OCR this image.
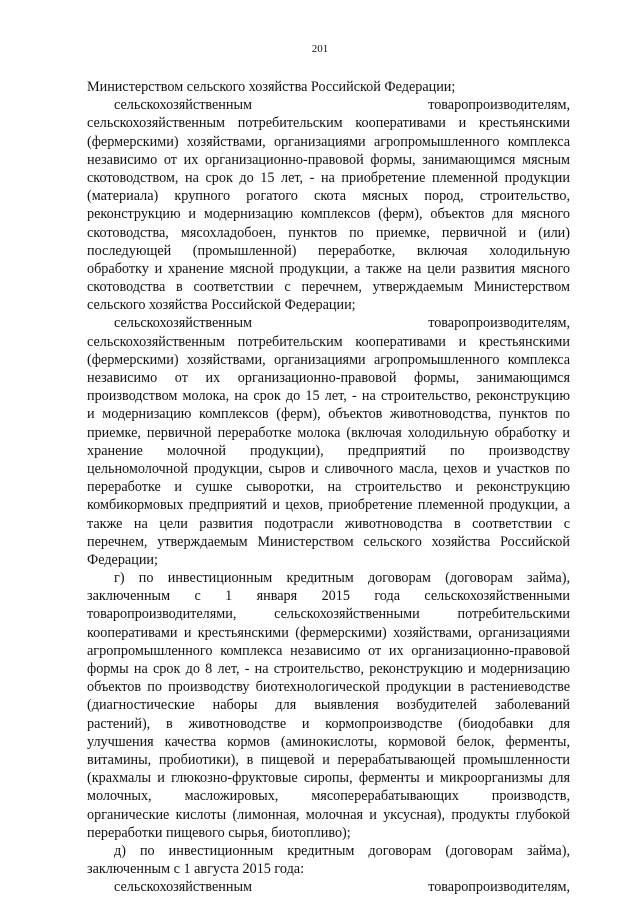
201
Министерством сельского хозяйства Российской Федерации;
сельскохозяйственным товаропроизводителям,
сельскохозяйственным потребительским кооперативами и крестьянскими
(фермерскими) хозяйствами, организациями агропромышленного комплекса
независимо от их организационно-правовой формы, занимающимся мясным
скотоводством, на срок до 15 лет, - на приобретение племенной продукции
(материала) крупного рогатого скота мясных пород, строительство,
реконструкцию и модернизацию комплексов (ферм), объектов для мясного
скотоводства, мясохладобоен, пунктов по приемке, первичной и (или)
последующей (промышленной) переработке, включая холодильную
обработку и хранение мясной продукции, а также на цели развития мясного
скотоводства в соответствии с перечнем, утверждаемым Министерством
сельского хозяйства Российской Федерации;
сельскохозяйственным товаропроизводителям,
сельскохозяйственным потребительским кооперативами и крестьянскими
(фермерскими) хозяйствами, организациями агропромышленного комплекса
независимо от их организационно-правовой формы, занимающимся
производством молока, на срок до 15 лет, - на строительство, реконструкцию
и модернизацию комплексов (ферм), объектов животноводства, пунктов по
приемке, первичной переработке молока (включая холодильную обработку и
хранение молочной продукции), предприятий по производству
цельномолочной продукции, сыров и сливочного масла, цехов и участков по
переработке и сушке сыворотки, на строительство и реконструкцию
комбикормовых предприятий и цехов, приобретение племенной продукции, а
также на цели развития подотрасли животноводства в соответствии с
перечнем, утверждаемым Министерством сельского хозяйства Российской
Федерации;
г) по инвестиционным кредитным договорам (договорам займа),
заключенным с 1 января 2015 года сельскохозяйственными
товаропроизводителями, сельскохозяйственными потребительскими
кооперативами и крестьянскими (фермерскими) хозяйствами, организациями
агропромышленного комплекса независимо от их организационно-правовой
формы на срок до 8 лет, - на строительство, реконструкцию и модернизацию
объектов по производству биотехнологической продукции в растениеводстве
(диагностические наборы для выявления возбудителей заболеваний
растений), в животноводстве и кормопроизводстве (биодобавки для
улучшения качества кормов (аминокислоты, кормовой белок, ферменты,
витамины, пробиотики), в пищевой и перерабатывающей промышленности
(крахмалы и глюкозно-фруктовые сиропы, ферменты и микроорганизмы для
молочных, масложировых, мясоперерабатывающих производств,
органические кислоты (лимонная, молочная и уксусная), продукты глубокой
переработки пищевого сырья, биотопливо);
д) по инвестиционным кредитным договорам (договорам займа),
заключенным с 1 августа 2015 года:
сельскохозяйственным товаропроизводителям,
